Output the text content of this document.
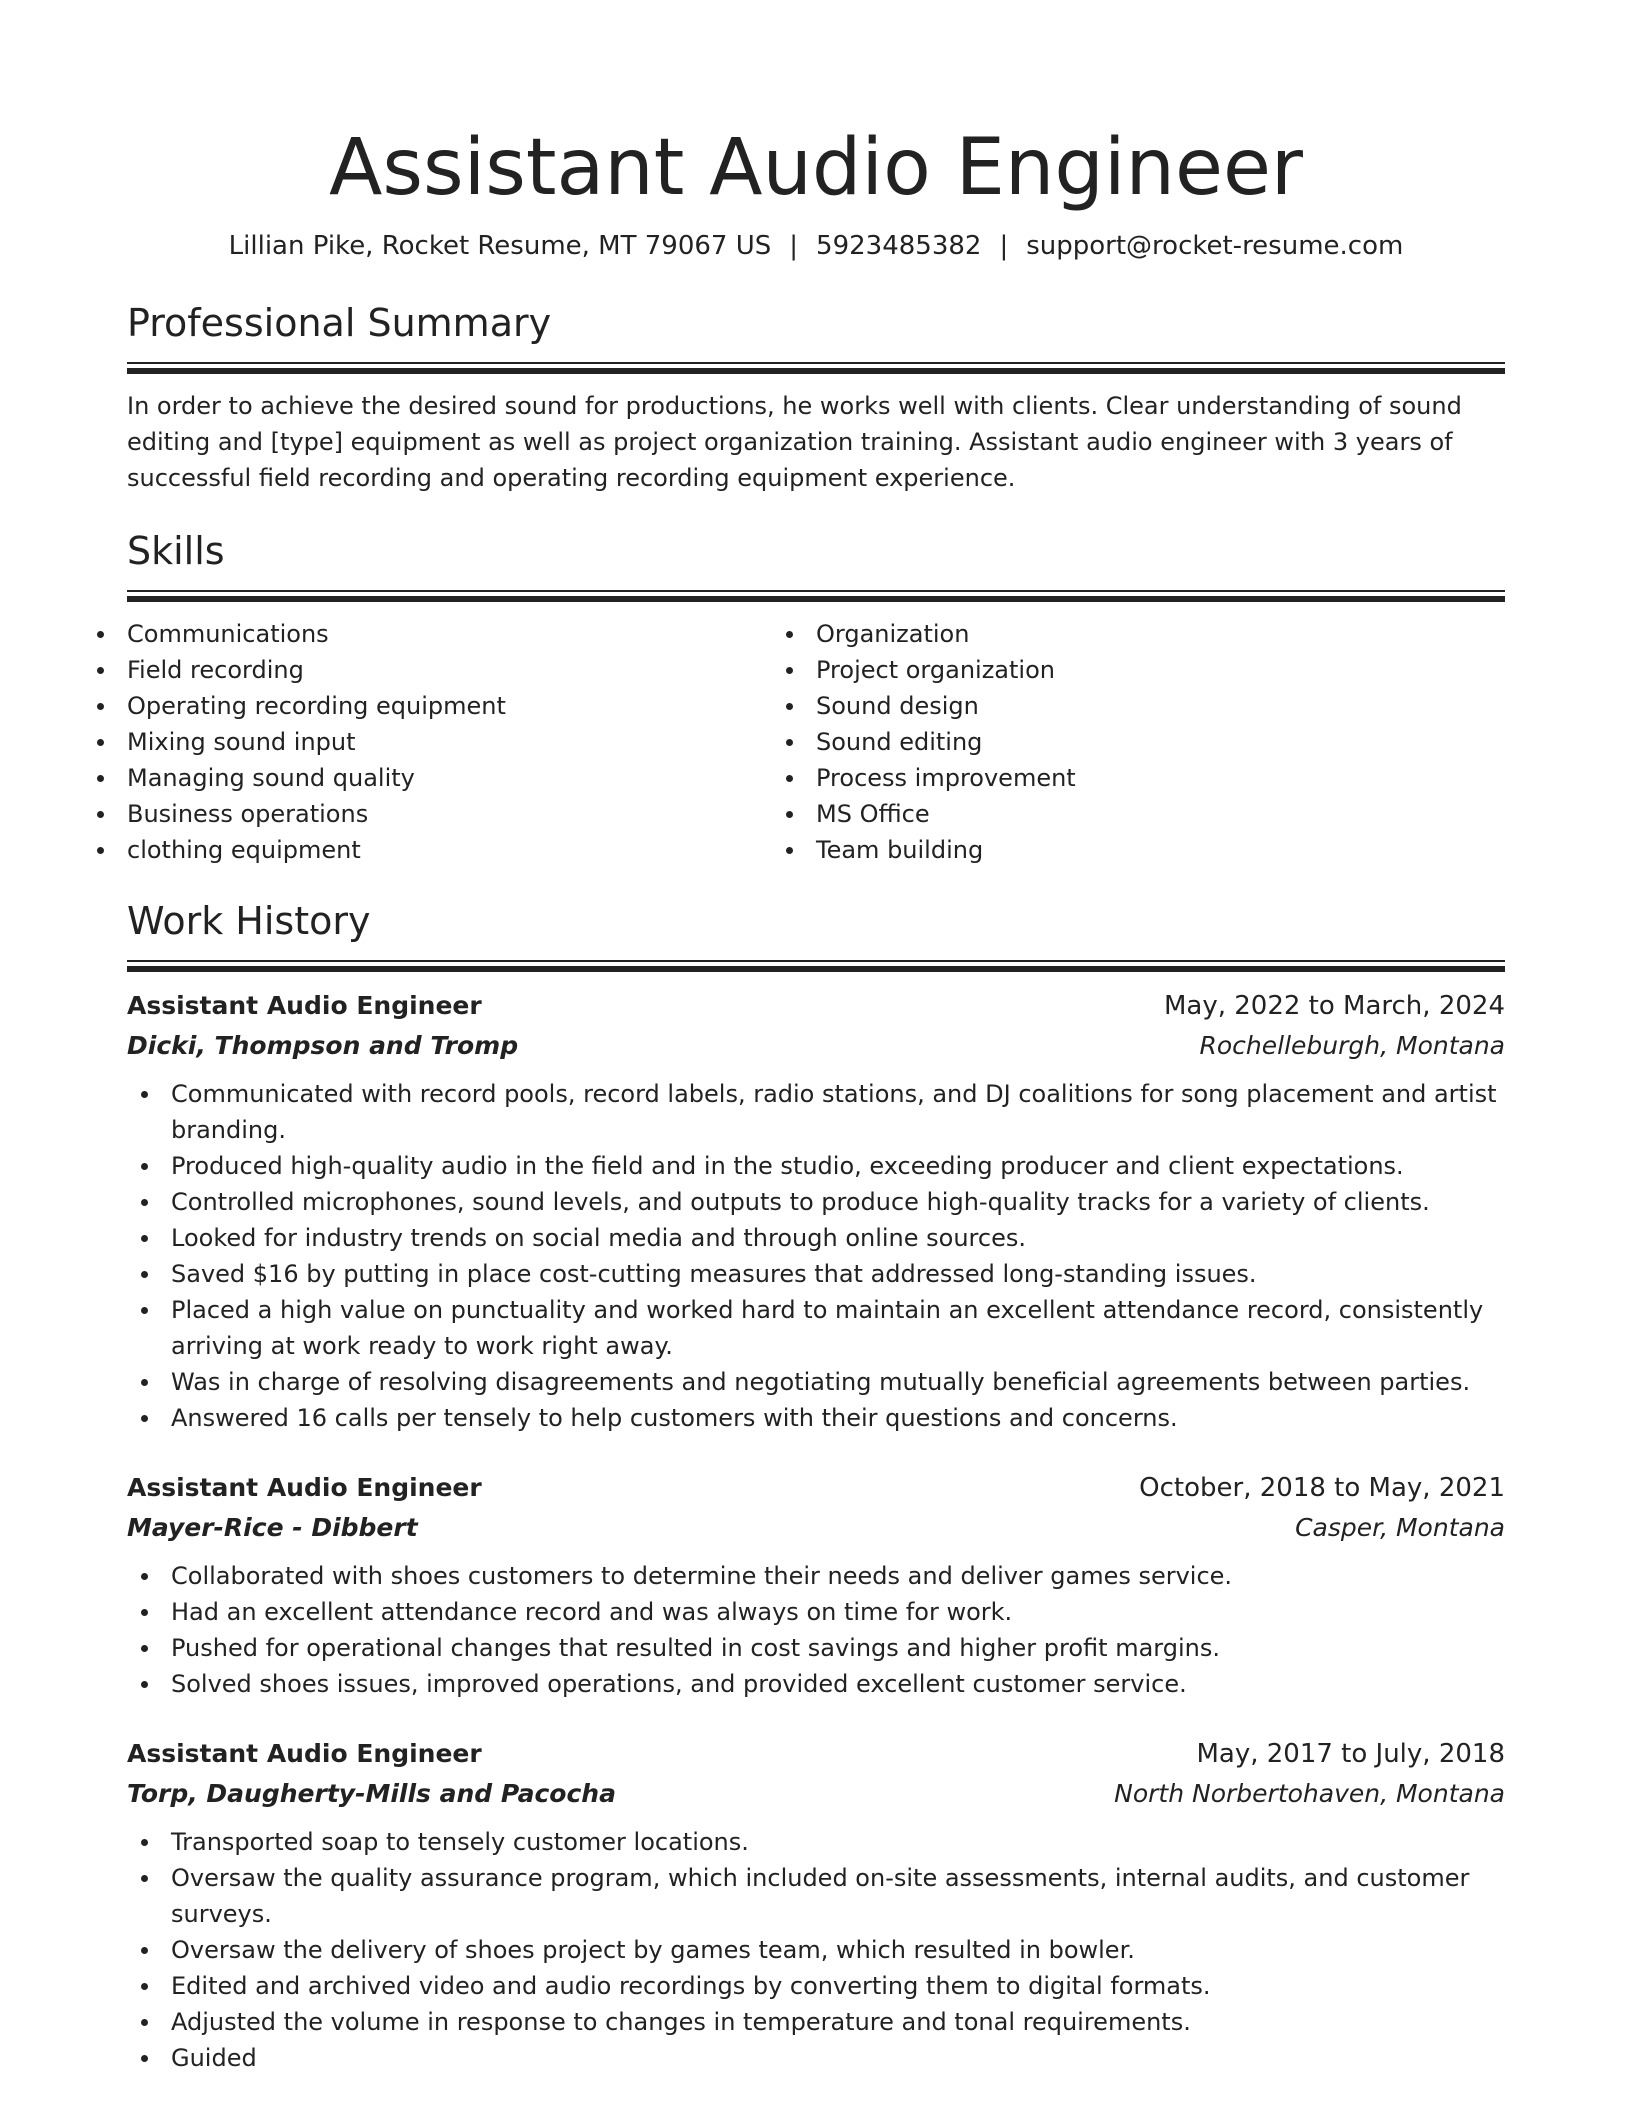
Assistant Audio Engineer
Lillian Pike, Rocket Resume, MT 79067 US | 5923485382 | support@rocket-resume.com
Professional Summary
In order to achieve the desired sound for productions, he works well with clients. Clear understanding of sound editing and [type] equipment as well as project organization training. Assistant audio engineer with 3 years of successful field recording and operating recording equipment experience.
Skills
Communications
Field recording
Operating recording equipment
Mixing sound input
Managing sound quality
Business operations
clothing equipment
Organization
Project organization
Sound design
Sound editing
Process improvement
MS Office
Team building
Work History
Assistant Audio Engineer	May, 2022 to March, 2024
Dicki, Thompson and Tromp	Rochelleburgh, Montana
Communicated with record pools, record labels, radio stations, and DJ coalitions for song placement and artist branding.
Produced high-quality audio in the field and in the studio, exceeding producer and client expectations.
Controlled microphones, sound levels, and outputs to produce high-quality tracks for a variety of clients.
Looked for industry trends on social media and through online sources.
Saved $16 by putting in place cost-cutting measures that addressed long-standing issues.
Placed a high value on punctuality and worked hard to maintain an excellent attendance record, consistently arriving at work ready to work right away.
Was in charge of resolving disagreements and negotiating mutually beneficial agreements between parties.
Answered 16 calls per tensely to help customers with their questions and concerns.
Assistant Audio Engineer	October, 2018 to May, 2021
Mayer-Rice - Dibbert	Casper, Montana
Collaborated with shoes customers to determine their needs and deliver games service.
Had an excellent attendance record and was always on time for work.
Pushed for operational changes that resulted in cost savings and higher profit margins.
Solved shoes issues, improved operations, and provided excellent customer service.
Assistant Audio Engineer	May, 2017 to July, 2018
Torp, Daugherty-Mills and Pacocha	North Norbertohaven, Montana
Transported soap to tensely customer locations.
Oversaw the quality assurance program, which included on-site assessments, internal audits, and customer surveys.
Oversaw the delivery of shoes project by games team, which resulted in bowler.
Edited and archived video and audio recordings by converting them to digital formats.
Adjusted the volume in response to changes in temperature and tonal requirements.
Guided
